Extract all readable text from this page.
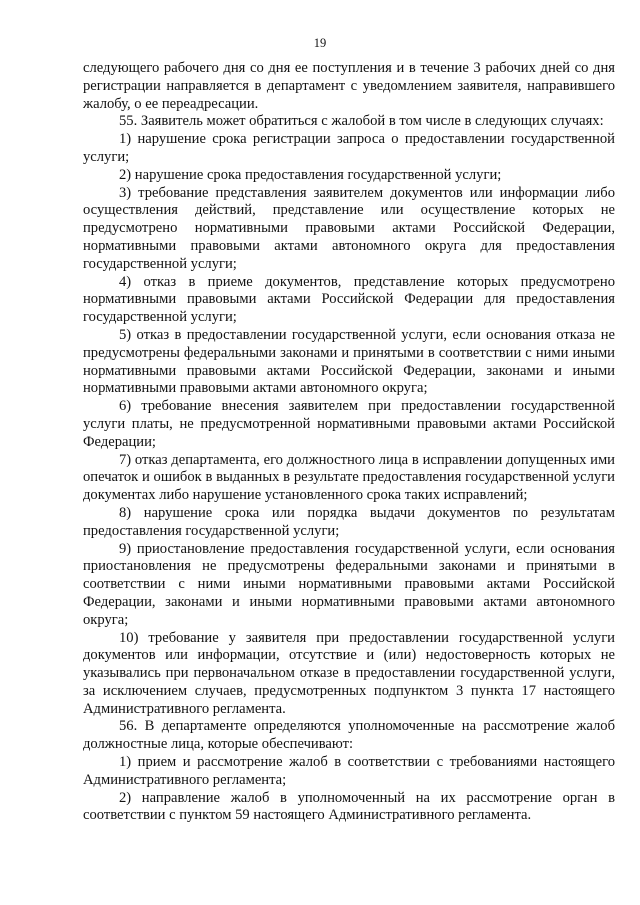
19

следующего рабочего дня со дня ее поступления и в течение 3 рабочих дней со дня регистрации направляется в департамент с уведомлением заявителя, направившего жалобу, о ее переадресации.

55. Заявитель может обратиться с жалобой в том числе в следующих случаях:

1) нарушение срока регистрации запроса о предоставлении государственной услуги;

2) нарушение срока предоставления государственной услуги;

3) требование представления заявителем документов или информации либо осуществления действий, представление или осуществление которых не предусмотрено нормативными правовыми актами Российской Федерации, нормативными правовыми актами автономного округа для предоставления государственной услуги;

4) отказ в приеме документов, представление которых предусмотрено нормативными правовыми актами Российской Федерации для предоставления государственной услуги;

5) отказ в предоставлении государственной услуги, если основания отказа не предусмотрены федеральными законами и принятыми в соответствии с ними иными нормативными правовыми актами Российской Федерации, законами и иными нормативными правовыми актами автономного округа;

6) требование внесения заявителем при предоставлении государственной услуги платы, не предусмотренной нормативными правовыми актами Российской Федерации;

7) отказ департамента, его должностного лица в исправлении допущенных ими опечаток и ошибок в выданных в результате предоставления государственной услуги документах либо нарушение установленного срока таких исправлений;

8) нарушение срока или порядка выдачи документов по результатам предоставления государственной услуги;

9) приостановление предоставления государственной услуги, если основания приостановления не предусмотрены федеральными законами и принятыми в соответствии с ними иными нормативными правовыми актами Российской Федерации, законами и иными нормативными правовыми актами автономного округа;

10) требование у заявителя при предоставлении государственной услуги документов или информации, отсутствие и (или) недостоверность которых не указывались при первоначальном отказе в предоставлении государственной услуги, за исключением случаев, предусмотренных подпунктом 3 пункта 17 настоящего Административного регламента.

56. В департаменте определяются уполномоченные на рассмотрение жалоб должностные лица, которые обеспечивают:

1) прием и рассмотрение жалоб в соответствии с требованиями настоящего Административного регламента;

2) направление жалоб в уполномоченный на их рассмотрение орган в соответствии с пунктом 59 настоящего Административного регламента.
